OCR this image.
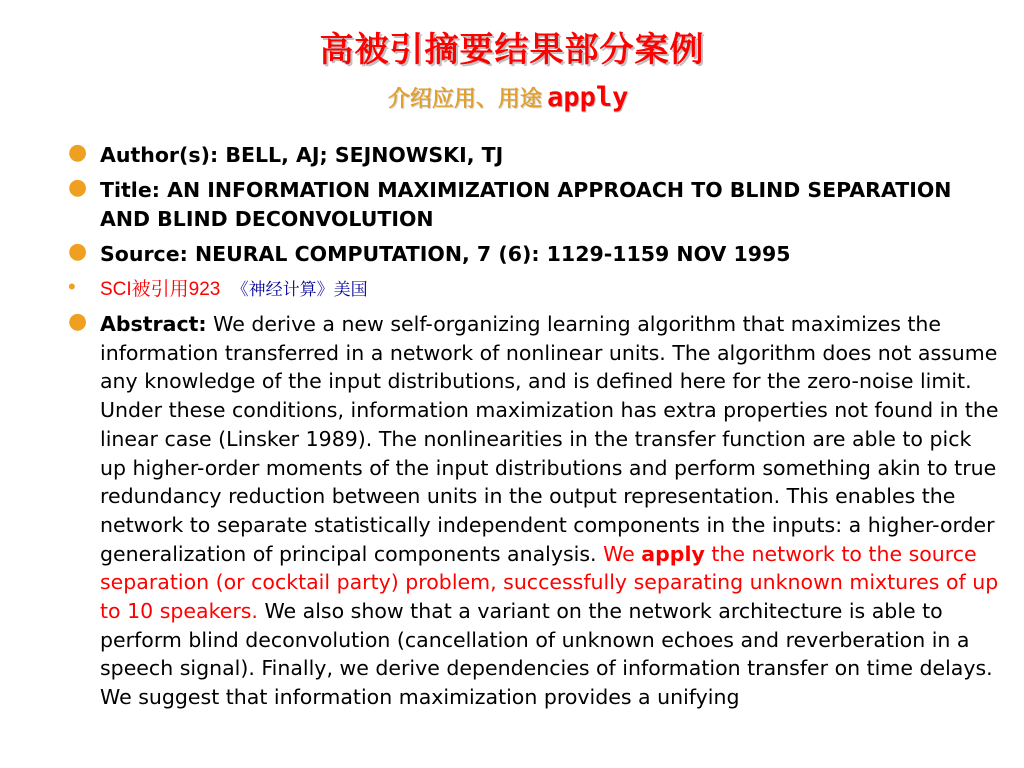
高被引摘要结果部分案例
介绍应用、用途 apply
● Author(s): BELL, AJ; SEJNOWSKI, TJ
● Title: AN INFORMATION MAXIMIZATION APPROACH TO BLIND SEPARATION AND BLIND DECONVOLUTION
● Source: NEURAL COMPUTATION, 7 (6): 1129-1159 NOV 1995
• SCI被引用923 《神经计算》美国
● Abstract: We derive a new self-organizing learning algorithm that maximizes the information transferred in a network of nonlinear units. The algorithm does not assume any knowledge of the input distributions, and is defined here for the zero-noise limit. Under these conditions, information maximization has extra properties not found in the linear case (Linsker 1989). The nonlinearities in the transfer function are able to pick up higher-order moments of the input distributions and perform something akin to true redundancy reduction between units in the output representation. This enables the network to separate statistically independent components in the inputs: a higher-order generalization of principal components analysis. We apply the network to the source separation (or cocktail party) problem, successfully separating unknown mixtures of up to 10 speakers. We also show that a variant on the network architecture is able to perform blind deconvolution (cancellation of unknown echoes and reverberation in a speech signal). Finally, we derive dependencies of information transfer on time delays. We suggest that information maximization provides a unifying
